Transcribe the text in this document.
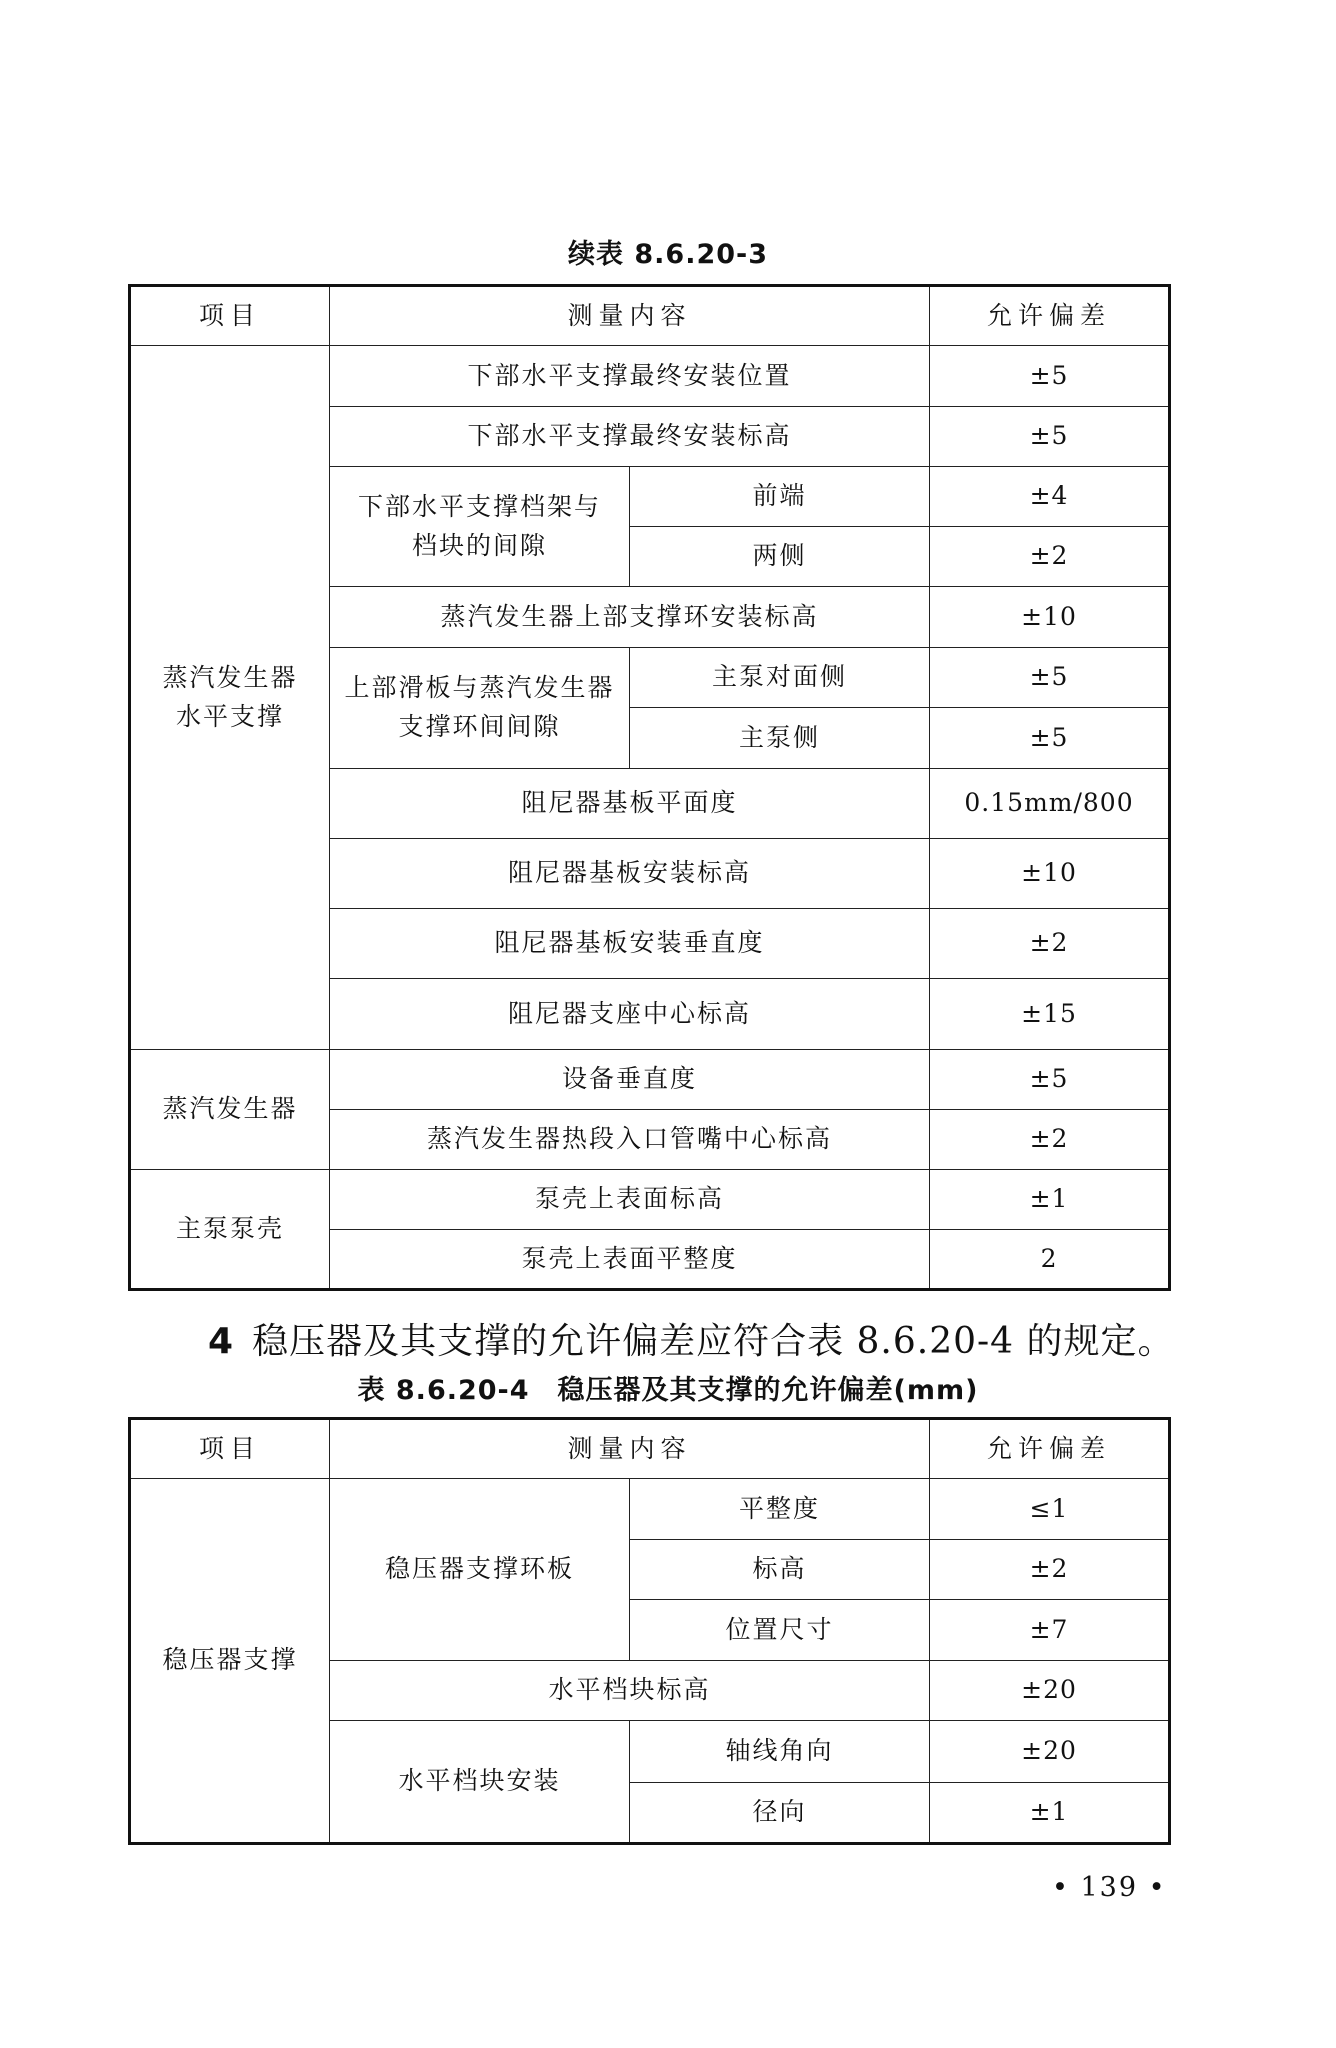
续表 8.6.20-3
项目	测量内容		允许偏差
蒸汽发生器水平支撑	下部水平支撑最终安装位置		±5
	下部水平支撑最终安装标高		±5
	下部水平支撑档架与档块的间隙	前端	±4
		两侧	±2
	蒸汽发生器上部支撑环安装标高		±10
	上部滑板与蒸汽发生器支撑环间间隙	主泵对面侧	±5
		主泵侧	±5
	阻尼器基板平面度		0.15mm/800
	阻尼器基板安装标高		±10
	阻尼器基板安装垂直度		±2
	阻尼器支座中心标高		±15
蒸汽发生器	设备垂直度		±5
	蒸汽发生器热段入口管嘴中心标高		±2
主泵泵壳	泵壳上表面标高		±1
	泵壳上表面平整度		2
4 稳压器及其支撑的允许偏差应符合表 8.6.20-4 的规定。
表 8.6.20-4　稳压器及其支撑的允许偏差(mm)
项目	测量内容		允许偏差
稳压器支撑	稳压器支撑环板	平整度	≤1
		标高	±2
		位置尺寸	±7
	水平档块标高		±20
	水平档块安装	轴线角向	±20
		径向	±1
• 139 •
